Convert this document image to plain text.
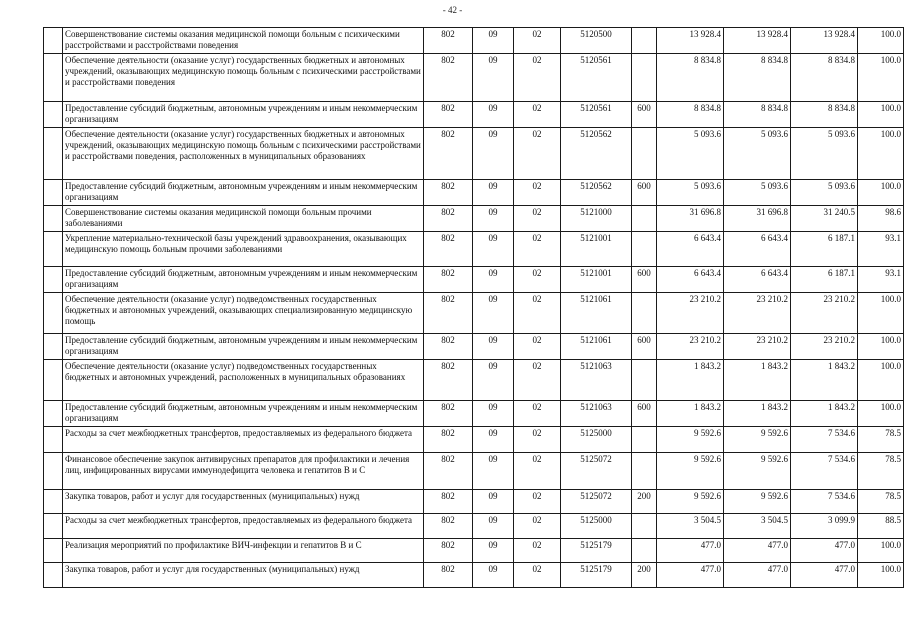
- 42 -
	Совершенствование системы оказания медицинской помощи больным с психическими расстройствами и расстройствами поведения	802	09	02	5120500		13 928.4	13 928.4	13 928.4	100.0
	Обеспечение деятельности (оказание услуг) государственных бюджетных и автономных учреждений, оказывающих медицинскую помощь больным с психическими расстройствами и расстройствами поведения	802	09	02	5120561		8 834.8	8 834.8	8 834.8	100.0
	Предоставление субсидий бюджетным, автономным учреждениям и иным некоммерческим организациям	802	09	02	5120561	600	8 834.8	8 834.8	8 834.8	100.0
	Обеспечение деятельности (оказание услуг) государственных бюджетных и автономных учреждений, оказывающих медицинскую помощь больным с психическими расстройствами и расстройствами поведения, расположенных в муниципальных образованиях	802	09	02	5120562		5 093.6	5 093.6	5 093.6	100.0
	Предоставление субсидий бюджетным, автономным учреждениям и иным некоммерческим организациям	802	09	02	5120562	600	5 093.6	5 093.6	5 093.6	100.0
	Совершенствование системы оказания медицинской помощи больным прочими заболеваниями	802	09	02	5121000		31 696.8	31 696.8	31 240.5	98.6
	Укрепление материально-технической базы учреждений здравоохранения, оказывающих медицинскую помощь больным прочими заболеваниями	802	09	02	5121001		6 643.4	6 643.4	6 187.1	93.1
	Предоставление субсидий бюджетным, автономным учреждениям и иным некоммерческим организациям	802	09	02	5121001	600	6 643.4	6 643.4	6 187.1	93.1
	Обеспечение деятельности (оказание услуг) подведомственных государственных бюджетных и автономных учреждений, оказывающих специализированную медицинскую помощь	802	09	02	5121061		23 210.2	23 210.2	23 210.2	100.0
	Предоставление субсидий бюджетным, автономным учреждениям и иным некоммерческим организациям	802	09	02	5121061	600	23 210.2	23 210.2	23 210.2	100.0
	Обеспечение деятельности (оказание услуг) подведомственных государственных бюджетных и автономных учреждений, расположенных в муниципальных образованиях	802	09	02	5121063		1 843.2	1 843.2	1 843.2	100.0
	Предоставление субсидий бюджетным, автономным учреждениям и иным некоммерческим организациям	802	09	02	5121063	600	1 843.2	1 843.2	1 843.2	100.0
	Расходы за счет межбюджетных трансфертов, предоставляемых из федерального бюджета	802	09	02	5125000		9 592.6	9 592.6	7 534.6	78.5
	Финансовое обеспечение закупок антивирусных препаратов для профилактики и лечения лиц, инфицированных вирусами иммунодефицита человека и гепатитов В и С	802	09	02	5125072		9 592.6	9 592.6	7 534.6	78.5
	Закупка товаров, работ и услуг для государственных (муниципальных) нужд	802	09	02	5125072	200	9 592.6	9 592.6	7 534.6	78.5
	Расходы за счет межбюджетных трансфертов, предоставляемых из федерального бюджета	802	09	02	5125000		3 504.5	3 504.5	3 099.9	88.5
	Реализация мероприятий по профилактике ВИЧ-инфекции и гепатитов В и С	802	09	02	5125179		477.0	477.0	477.0	100.0
	Закупка товаров, работ и услуг для государственных (муниципальных) нужд	802	09	02	5125179	200	477.0	477.0	477.0	100.0
